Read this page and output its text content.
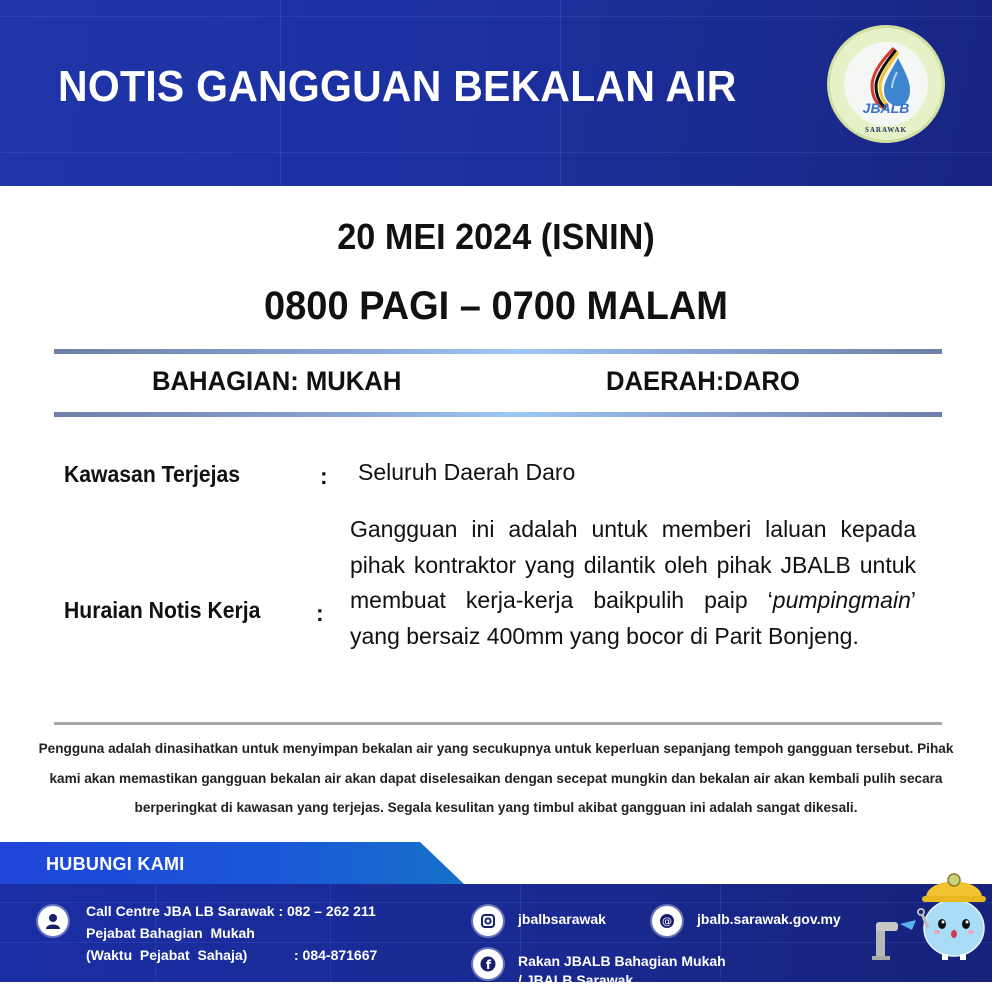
NOTIS GANGGUAN BEKALAN AIR	JBALB
SARAWAK
20 MEI 2024 (ISNIN)
0800 PAGI – 0700 MALAM
BAHAGIAN: MUKAH	DAERAH:DARO
Kawasan Terjejas	: Seluruh Daerah Daro
Huraian Notis Kerja :
Gangguan ini adalah untuk memberi laluan kepada pihak kontraktor yang dilantik oleh pihak JBALB untuk membuat kerja-kerja baikpulih paip ‘pumpingmain’ yang bersaiz 400mm yang bocor di Parit Bonjeng.
Pengguna adalah dinasihatkan untuk menyimpan bekalan air yang secukupnya untuk keperluan sepanjang tempoh gangguan tersebut. Pihak kami akan memastikan gangguan bekalan air akan dapat diselesaikan dengan secepat mungkin dan bekalan air akan kembali pulih secara berperingkat di kawasan yang terjejas. Segala kesulitan yang timbul akibat gangguan ini adalah sangat dikesali.
HUBUNGI KAMI
Call Centre JBA LB Sarawak : 082 – 262 211
Pejabat Bahagian  Mukah
(Waktu  Pejabat  Sahaja)	: 084-871667
jbalbsarawak	@ jbalb.sarawak.gov.my
f Rakan JBALB Bahagian Mukah
/ JBALB Sarawak
